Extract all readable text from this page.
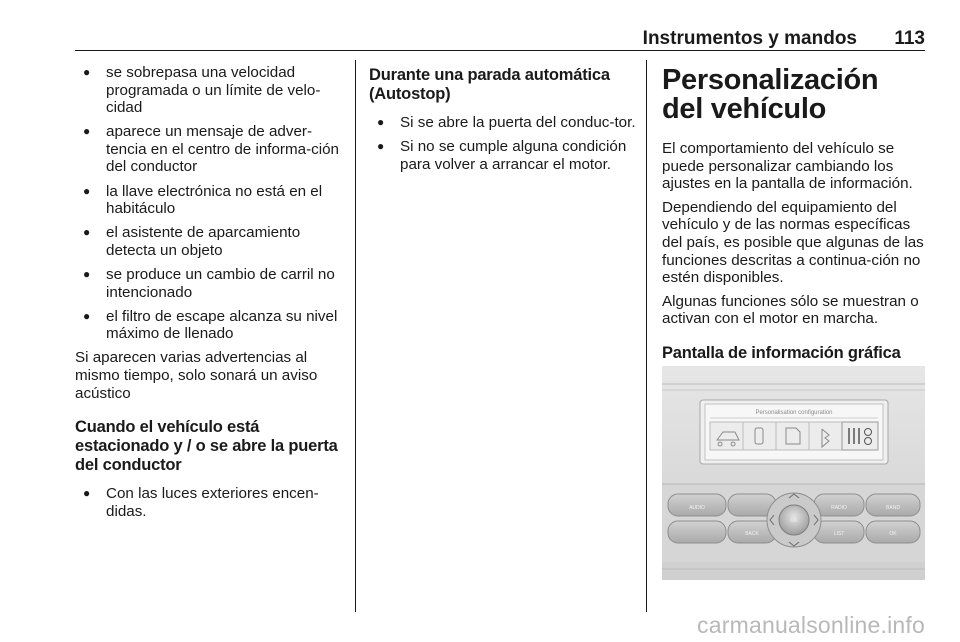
Instrumentos y mandos 113
● se sobrepasa una velocidad programada o un límite de velo-cidad
● aparece un mensaje de adver-tencia en el centro de informa-ción del conductor
● la llave electrónica no está en el habitáculo
● el asistente de aparcamiento detecta un objeto
● se produce un cambio de carril no intencionado
● el filtro de escape alcanza su nivel máximo de llenado

Si aparecen varias advertencias al mismo tiempo, solo sonará un aviso acústico

Cuando el vehículo está estacionado y / o se abre la puerta del conductor
● Con las luces exteriores encen-didas.
Durante una parada automática (Autostop)
● Si se abre la puerta del conduc-tor.
● Si no se cumple alguna condición para volver a arrancar el motor.
Personalización del vehículo

El comportamiento del vehículo se puede personalizar cambiando los ajustes en la pantalla de información.

Dependiendo del equipamiento del vehículo y de las normas específicas del país, es posible que algunas de las funciones descritas a continua-ción no estén disponibles.

Algunas funciones sólo se muestran o activan con el motor en marcha.

Pantalla de información gráfica
Personalisation configuration
AUDIO
BACK
RADIO	BAND
LIST	OK
OK
carmanualsonline.info
